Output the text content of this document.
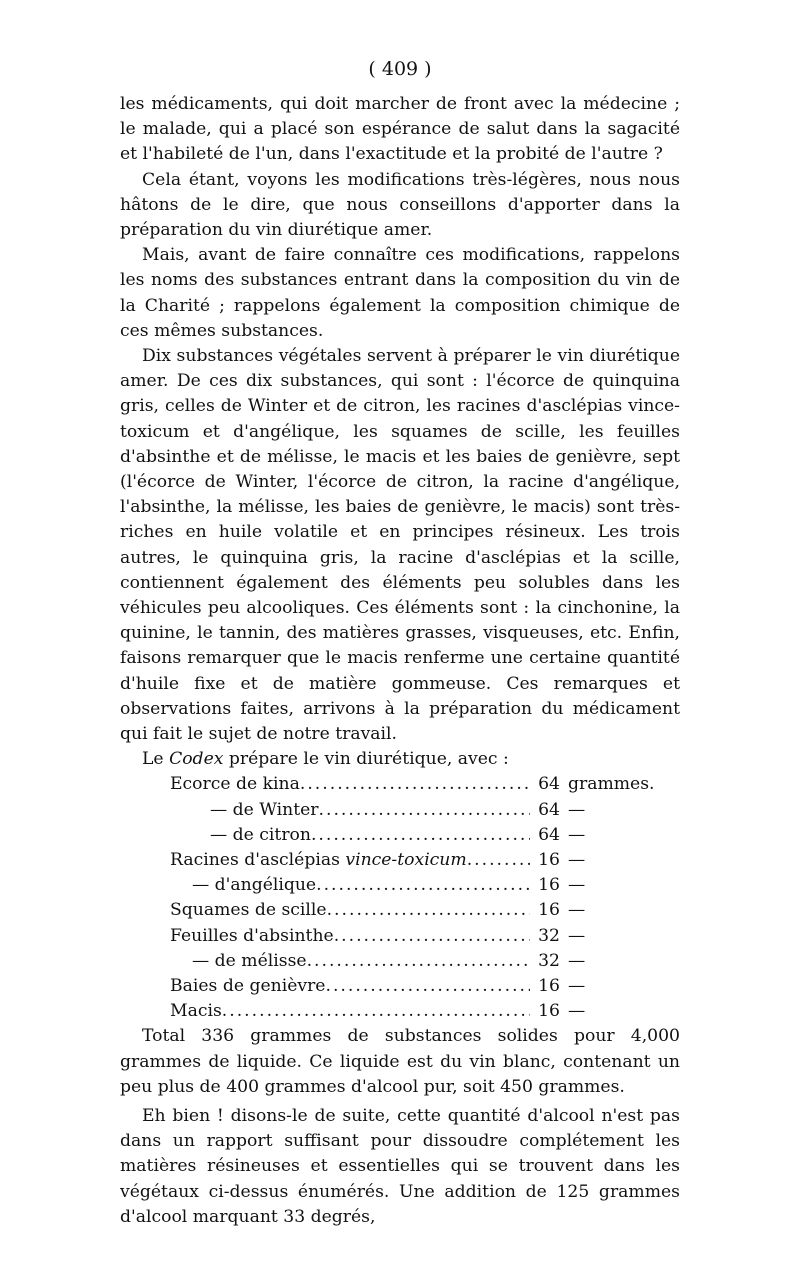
( 409 )

les médicaments, qui doit marcher de front avec la médecine ; le malade, qui a placé son espérance de salut dans la sagacité et l'habileté de l'un, dans l'exactitude et la probité de l'autre ?

Cela étant, voyons les modifications très-légères, nous nous hâtons de le dire, que nous conseillons d'apporter dans la préparation du vin diurétique amer.

Mais, avant de faire connaître ces modifications, rappelons les noms des substances entrant dans la composition du vin de la Charité ; rappelons également la composition chimique de ces mêmes substances.

Dix substances végétales servent à préparer le vin diurétique amer. De ces dix substances, qui sont : l'écorce de quinquina gris, celles de Winter et de citron, les racines d'asclépias vince-toxicum et d'angélique, les squames de scille, les feuilles d'absinthe et de mélisse, le macis et les baies de genièvre, sept (l'écorce de Winter, l'écorce de citron, la racine d'angélique, l'absinthe, la mélisse, les baies de genièvre, le macis) sont très-riches en huile volatile et en principes résineux. Les trois autres, le quinquina gris, la racine d'asclépias et la scille, contiennent également des éléments peu solubles dans les véhicules peu alcooliques. Ces éléments sont : la cinchonine, la quinine, le tannin, des matières grasses, visqueuses, etc. Enfin, faisons remarquer que le macis renferme une certaine quantité d'huile fixe et de matière gommeuse. Ces remarques et observations faites, arrivons à la préparation du médicament qui fait le sujet de notre travail.

Le Codex prépare le vin diurétique, avec :

Ecorce de kina .....	64 grammes.
— de Winter .....	64 —
— de citron .....	64 —
Racines d'asclépias vince-toxicum .....	16 —
— d'angélique .....	16 —
Squames de scille .....	16 —
Feuilles d'absinthe .....	32 —
— de mélisse .....	32 —
Baies de genièvre .....	16 —
Macis .....	16 —

Total 336 grammes de substances solides pour 4,000 grammes de liquide. Ce liquide est du vin blanc, contenant un peu plus de 400 grammes d'alcool pur, soit 450 grammes.

Eh bien ! disons-le de suite, cette quantité d'alcool n'est pas dans un rapport suffisant pour dissoudre complétement les matières résineuses et essentielles qui se trouvent dans les végétaux ci-dessus énumérés. Une addition de 125 grammes d'alcool marquant 33 degrés,
